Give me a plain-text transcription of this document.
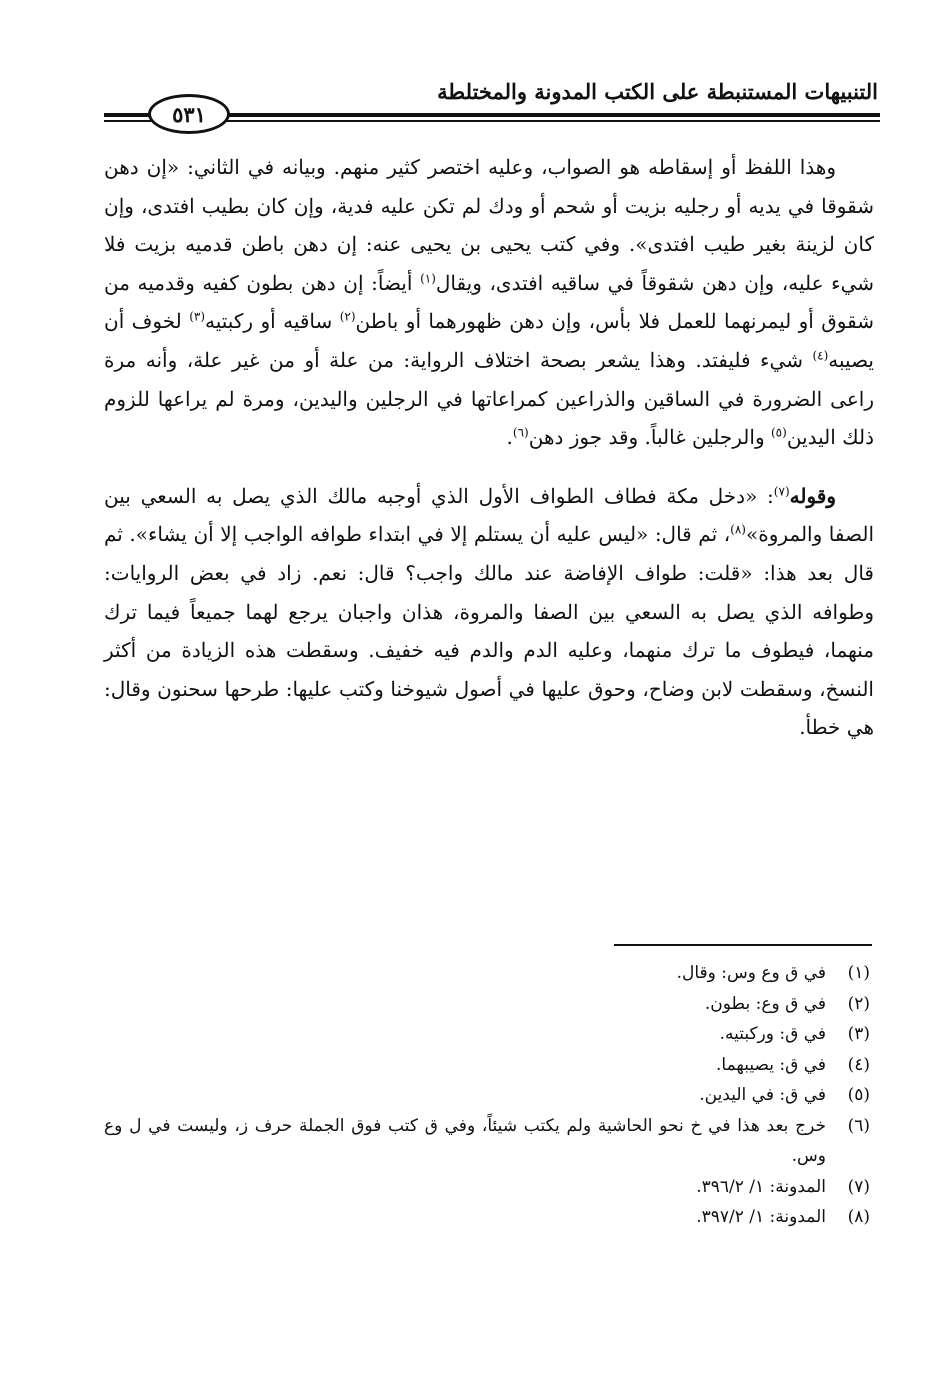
التنبيهات المستنبطة على الكتب المدونة والمختلطة
٥٣١

وهذا اللفظ أو إسقاطه هو الصواب، وعليه اختصر كثير منهم. وبيانه في الثاني: «إن دهن شقوقا في يديه أو رجليه بزيت أو شحم أو ودك لم تكن عليه فدية، وإن كان بطيب افتدى، وإن كان لزينة بغير طيب افتدى». وفي كتب يحيى بن يحيى عنه: إن دهن باطن قدميه بزيت فلا شيء عليه، وإن دهن شقوقاً في ساقيه افتدى، ويقال$^{(١)}$ أيضاً: إن دهن بطون كفيه وقدميه من شقوق أو ليمرنهما للعمل فلا بأس، وإن دهن ظهورهما أو باطن$^{(٢)}$ ساقيه أو ركبتيه$^{(٣)}$ لخوف أن يصيبه$^{(٤)}$ شيء فليفتد. وهذا يشعر بصحة اختلاف الرواية: من علة أو من غير علة، وأنه مرة راعى الضرورة في الساقين والذراعين كمراعاتها في الرجلين واليدين، ومرة لم يراعها للزوم ذلك اليدين$^{(٥)}$ والرجلين غالباً. وقد جوز دهن$^{(٦)}$.

وقوله$^{(٧)}$: «دخل مكة فطاف الطواف الأول الذي أوجبه مالك الذي يصل به السعي بين الصفا والمروة»$^{(٨)}$، ثم قال: «ليس عليه أن يستلم إلا في ابتداء طوافه الواجب إلا أن يشاء». ثم قال بعد هذا: «قلت: طواف الإفاضة عند مالك واجب؟ قال: نعم. زاد في بعض الروايات: وطوافه الذي يصل به السعي بين الصفا والمروة، هذان واجبان يرجع لهما جميعاً فيما ترك منهما، فيطوف ما ترك منهما، وعليه الدم والدم فيه خفيف. وسقطت هذه الزيادة من أكثر النسخ، وسقطت لابن وضاح، وحوق عليها في أصول شيوخنا وكتب عليها: طرحها سحنون وقال: هي خطأ.

(١)
في ق وع وس: وقال.
(٢)
في ق وع: بطون.
(٣)
في ق: وركبتيه.
(٤)
في ق: يصيبهما.
(٥)
في ق: في اليدين.
(٦)
خرج بعد هذا في خ نحو الحاشية ولم يكتب شيئاً، وفي ق كتب فوق الجملة حرف ز، وليست في ل وع وس.
(٧)
المدونة: ١/ ٣٩٦/٢.
(٨)
المدونة: ١/ ٣٩٧/٢.
